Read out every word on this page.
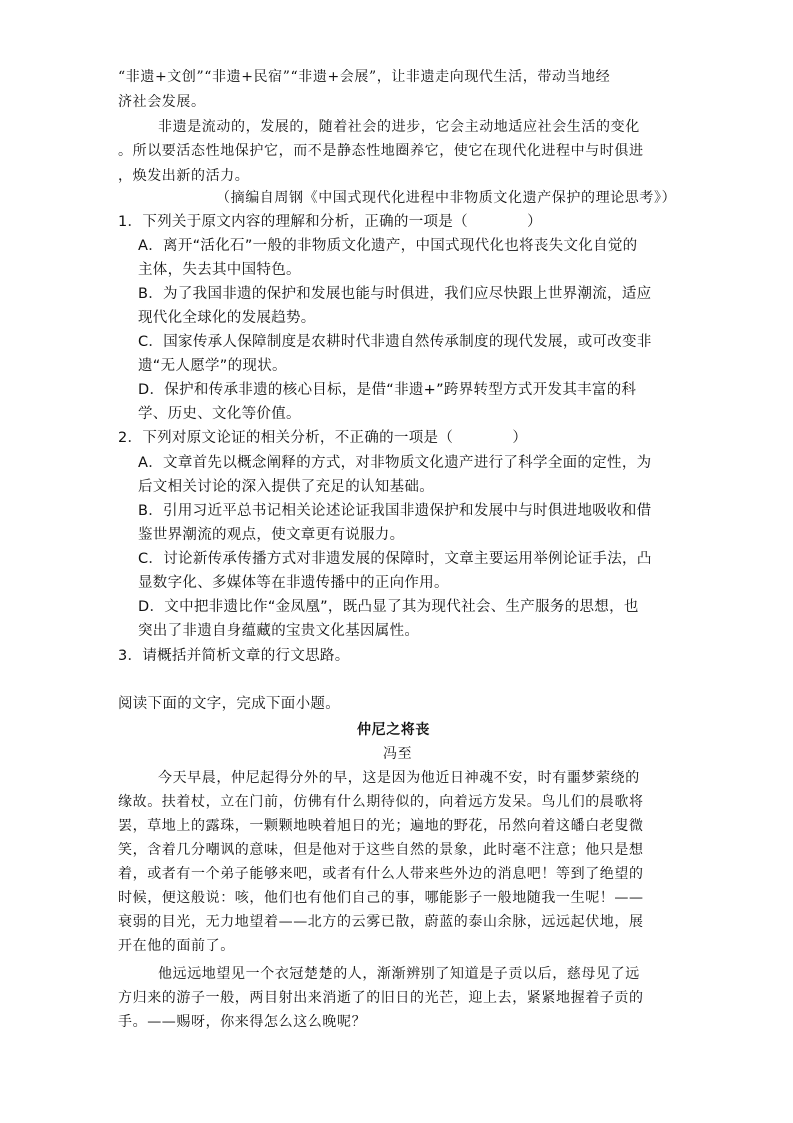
“非遗+文创”“非遗+民宿”“非遗+会展”，让非遗走向现代生活，带动当地经
济社会发展。
非遗是流动的，发展的，随着社会的进步，它会主动地适应社会生活的变化
。所以要活态性地保护它，而不是静态性地圈养它，使它在现代化进程中与时俱进
，焕发出新的活力。
（摘编自周钢《中国式现代化进程中非物质文化遗产保护的理论思考》）
1．下列关于原文内容的理解和分析，正确的一项是（　　　　）
A．离开“活化石”一般的非物质文化遗产，中国式现代化也将丧失文化自觉的
主体，失去其中国特色。
B．为了我国非遗的保护和发展也能与时俱进，我们应尽快跟上世界潮流，适应
现代化全球化的发展趋势。
C．国家传承人保障制度是农耕时代非遗自然传承制度的现代发展，或可改变非
遗“无人愿学”的现状。
D．保护和传承非遗的核心目标，是借“非遗+”跨界转型方式开发其丰富的科
学、历史、文化等价值。
2．下列对原文论证的相关分析，不正确的一项是（　　　　）
A．文章首先以概念阐释的方式，对非物质文化遗产进行了科学全面的定性，为
后文相关讨论的深入提供了充足的认知基础。
B．引用习近平总书记相关论述论证我国非遗保护和发展中与时俱进地吸收和借
鉴世界潮流的观点，使文章更有说服力。
C．讨论新传承传播方式对非遗发展的保障时，文章主要运用举例论证手法，凸
显数字化、多媒体等在非遗传播中的正向作用。
D．文中把非遗比作“金凤凰”，既凸显了其为现代社会、生产服务的思想，也
突出了非遗自身蕴藏的宝贵文化基因属性。
3．请概括并简析文章的行文思路。
阅读下面的文字，完成下面小题。
仲尼之将丧
冯至
今天早晨，仲尼起得分外的早，这是因为他近日神魂不安，时有噩梦萦绕的
缘故。扶着杖，立在门前，仿佛有什么期待似的，向着远方发呆。鸟儿们的晨歌将
罢，草地上的露珠，一颗颗地映着旭日的光；遍地的野花，吊然向着这皤白老叟微
笑，含着几分嘲讽的意味，但是他对于这些自然的景象，此时毫不注意；他只是想
着，或者有一个弟子能够来吧，或者有什么人带来些外边的消息吧！等到了绝望的
时候，便这般说：咳，他们也有他们自己的事，哪能影子一般地随我一生呢！——
衰弱的目光，无力地望着——北方的云雾已散，蔚蓝的泰山余脉，远远起伏地，展
开在他的面前了。
他远远地望见一个衣冠楚楚的人，渐渐辨别了知道是子贡以后，慈母见了远
方归来的游子一般，两目射出来消逝了的旧日的光芒，迎上去，紧紧地握着子贡的
手。——赐呀，你来得怎么这么晚呢？
